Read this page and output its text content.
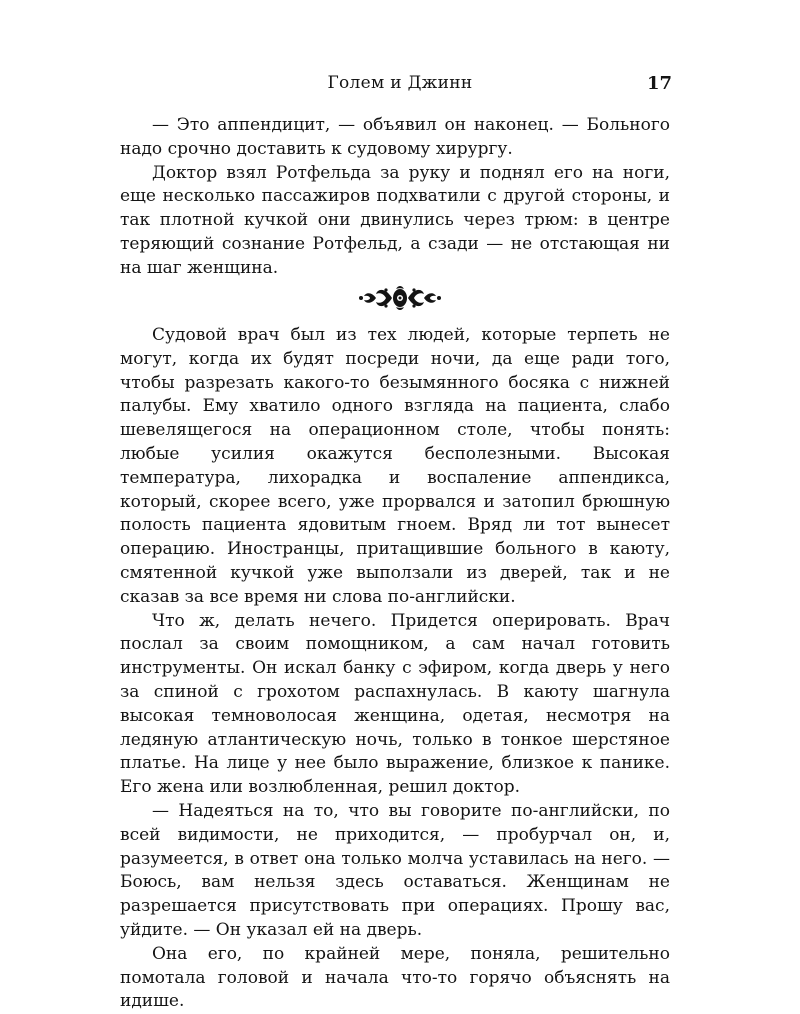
Голем и Джинн	17

— Это аппендицит, — объявил он наконец. — Больного надо срочно доставить к судовому хирургу.

Доктор взял Ротфельда за руку и поднял его на ноги, еще несколько пассажиров подхватили с другой стороны, и так плотной кучкой они двинулись через трюм: в центре теряющий сознание Ротфельд, а сзади — не отстающая ни на шаг женщина.

Судовой врач был из тех людей, которые терпеть не могут, когда их будят посреди ночи, да еще ради того, чтобы разрезать какого-то безымянного босяка с нижней палубы. Ему хватило одного взгляда на пациента, слабо шевелящегося на операционном столе, чтобы понять: любые усилия окажутся бесполезными. Высокая температура, лихорадка и воспаление аппендикса, который, скорее всего, уже прорвался и затопил брюшную полость пациента ядовитым гноем. Вряд ли тот вынесет операцию. Иностранцы, притащившие больного в каюту, смятенной кучкой уже выползали из дверей, так и не сказав за все время ни слова по-английски.

Что ж, делать нечего. Придется оперировать. Врач послал за своим помощником, а сам начал готовить инструменты. Он искал банку с эфиром, когда дверь у него за спиной с грохотом распахнулась. В каюту шагнула высокая темноволосая женщина, одетая, несмотря на ледяную атлантическую ночь, только в тонкое шерстяное платье. На лице у нее было выражение, близкое к панике. Его жена или возлюбленная, решил доктор.

— Надеяться на то, что вы говорите по-английски, по всей видимости, не приходится, — пробурчал он, и, разумеется, в ответ она только молча уставилась на него. — Боюсь, вам нельзя здесь оставаться. Женщинам не разрешается присутствовать при операциях. Прошу вас, уйдите. — Он указал ей на дверь.

Она его, по крайней мере, поняла, решительно помотала головой и начала что-то горячо объяснять на идише.
